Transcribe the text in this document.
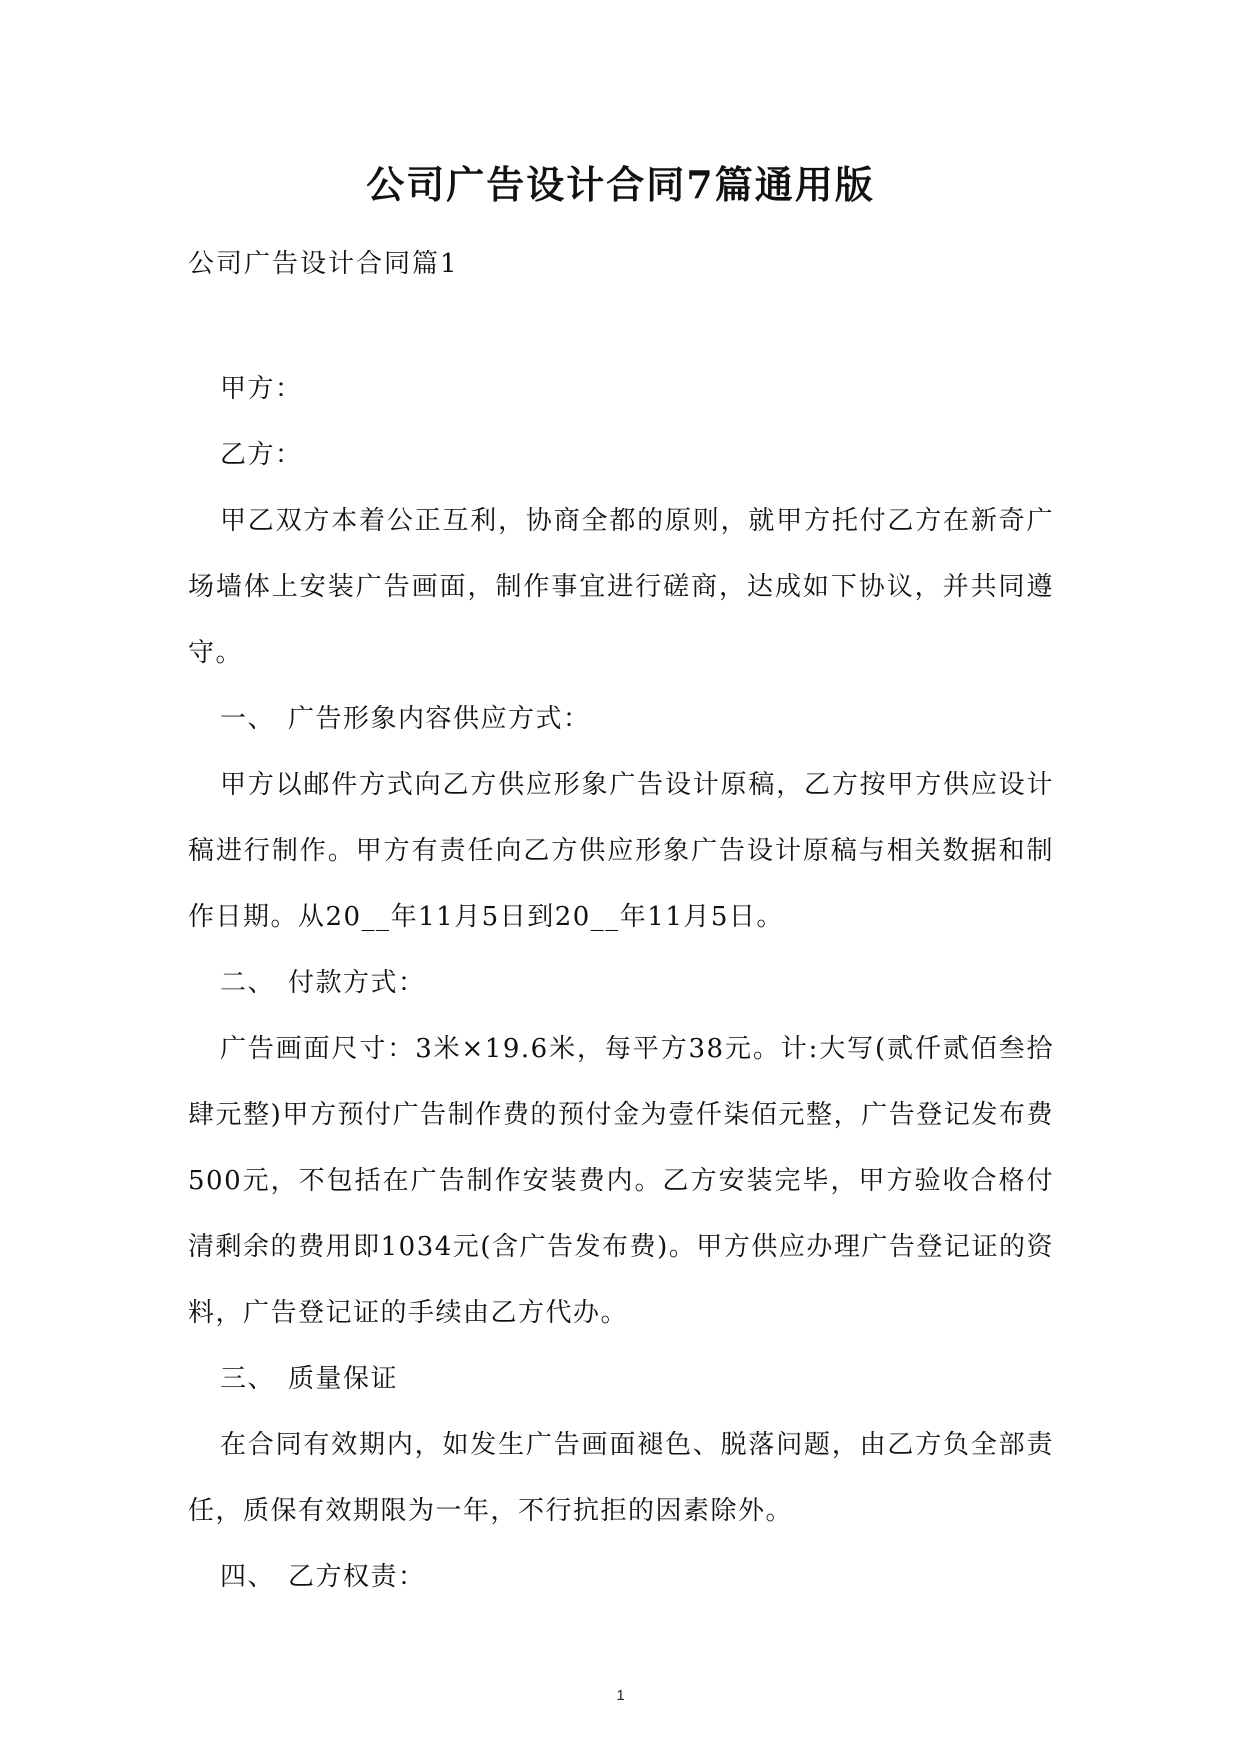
公司广告设计合同7篇通用版
公司广告设计合同篇1

甲方：

乙方：

甲乙双方本着公正互利，协商全都的原则，就甲方托付乙方在新奇广场墙体上安装广告画面，制作事宜进行磋商，达成如下协议，并共同遵守。

一、 广告形象内容供应方式：

甲方以邮件方式向乙方供应形象广告设计原稿，乙方按甲方供应设计稿进行制作。甲方有责任向乙方供应形象广告设计原稿与相关数据和制作日期。从20__年11月5日到20__年11月5日。

二、 付款方式：

广告画面尺寸：3米×19.6米，每平方38元。计:大写(贰仟贰佰叁拾肆元整)甲方预付广告制作费的预付金为壹仟柒佰元整，广告登记发布费500元，不包括在广告制作安装费内。乙方安装完毕，甲方验收合格付清剩余的费用即1034元(含广告发布费)。甲方供应办理广告登记证的资料，广告登记证的手续由乙方代办。

三、 质量保证

在合同有效期内，如发生广告画面褪色、脱落问题，由乙方负全部责任，质保有效期限为一年，不行抗拒的因素除外。

四、 乙方权责：

1
